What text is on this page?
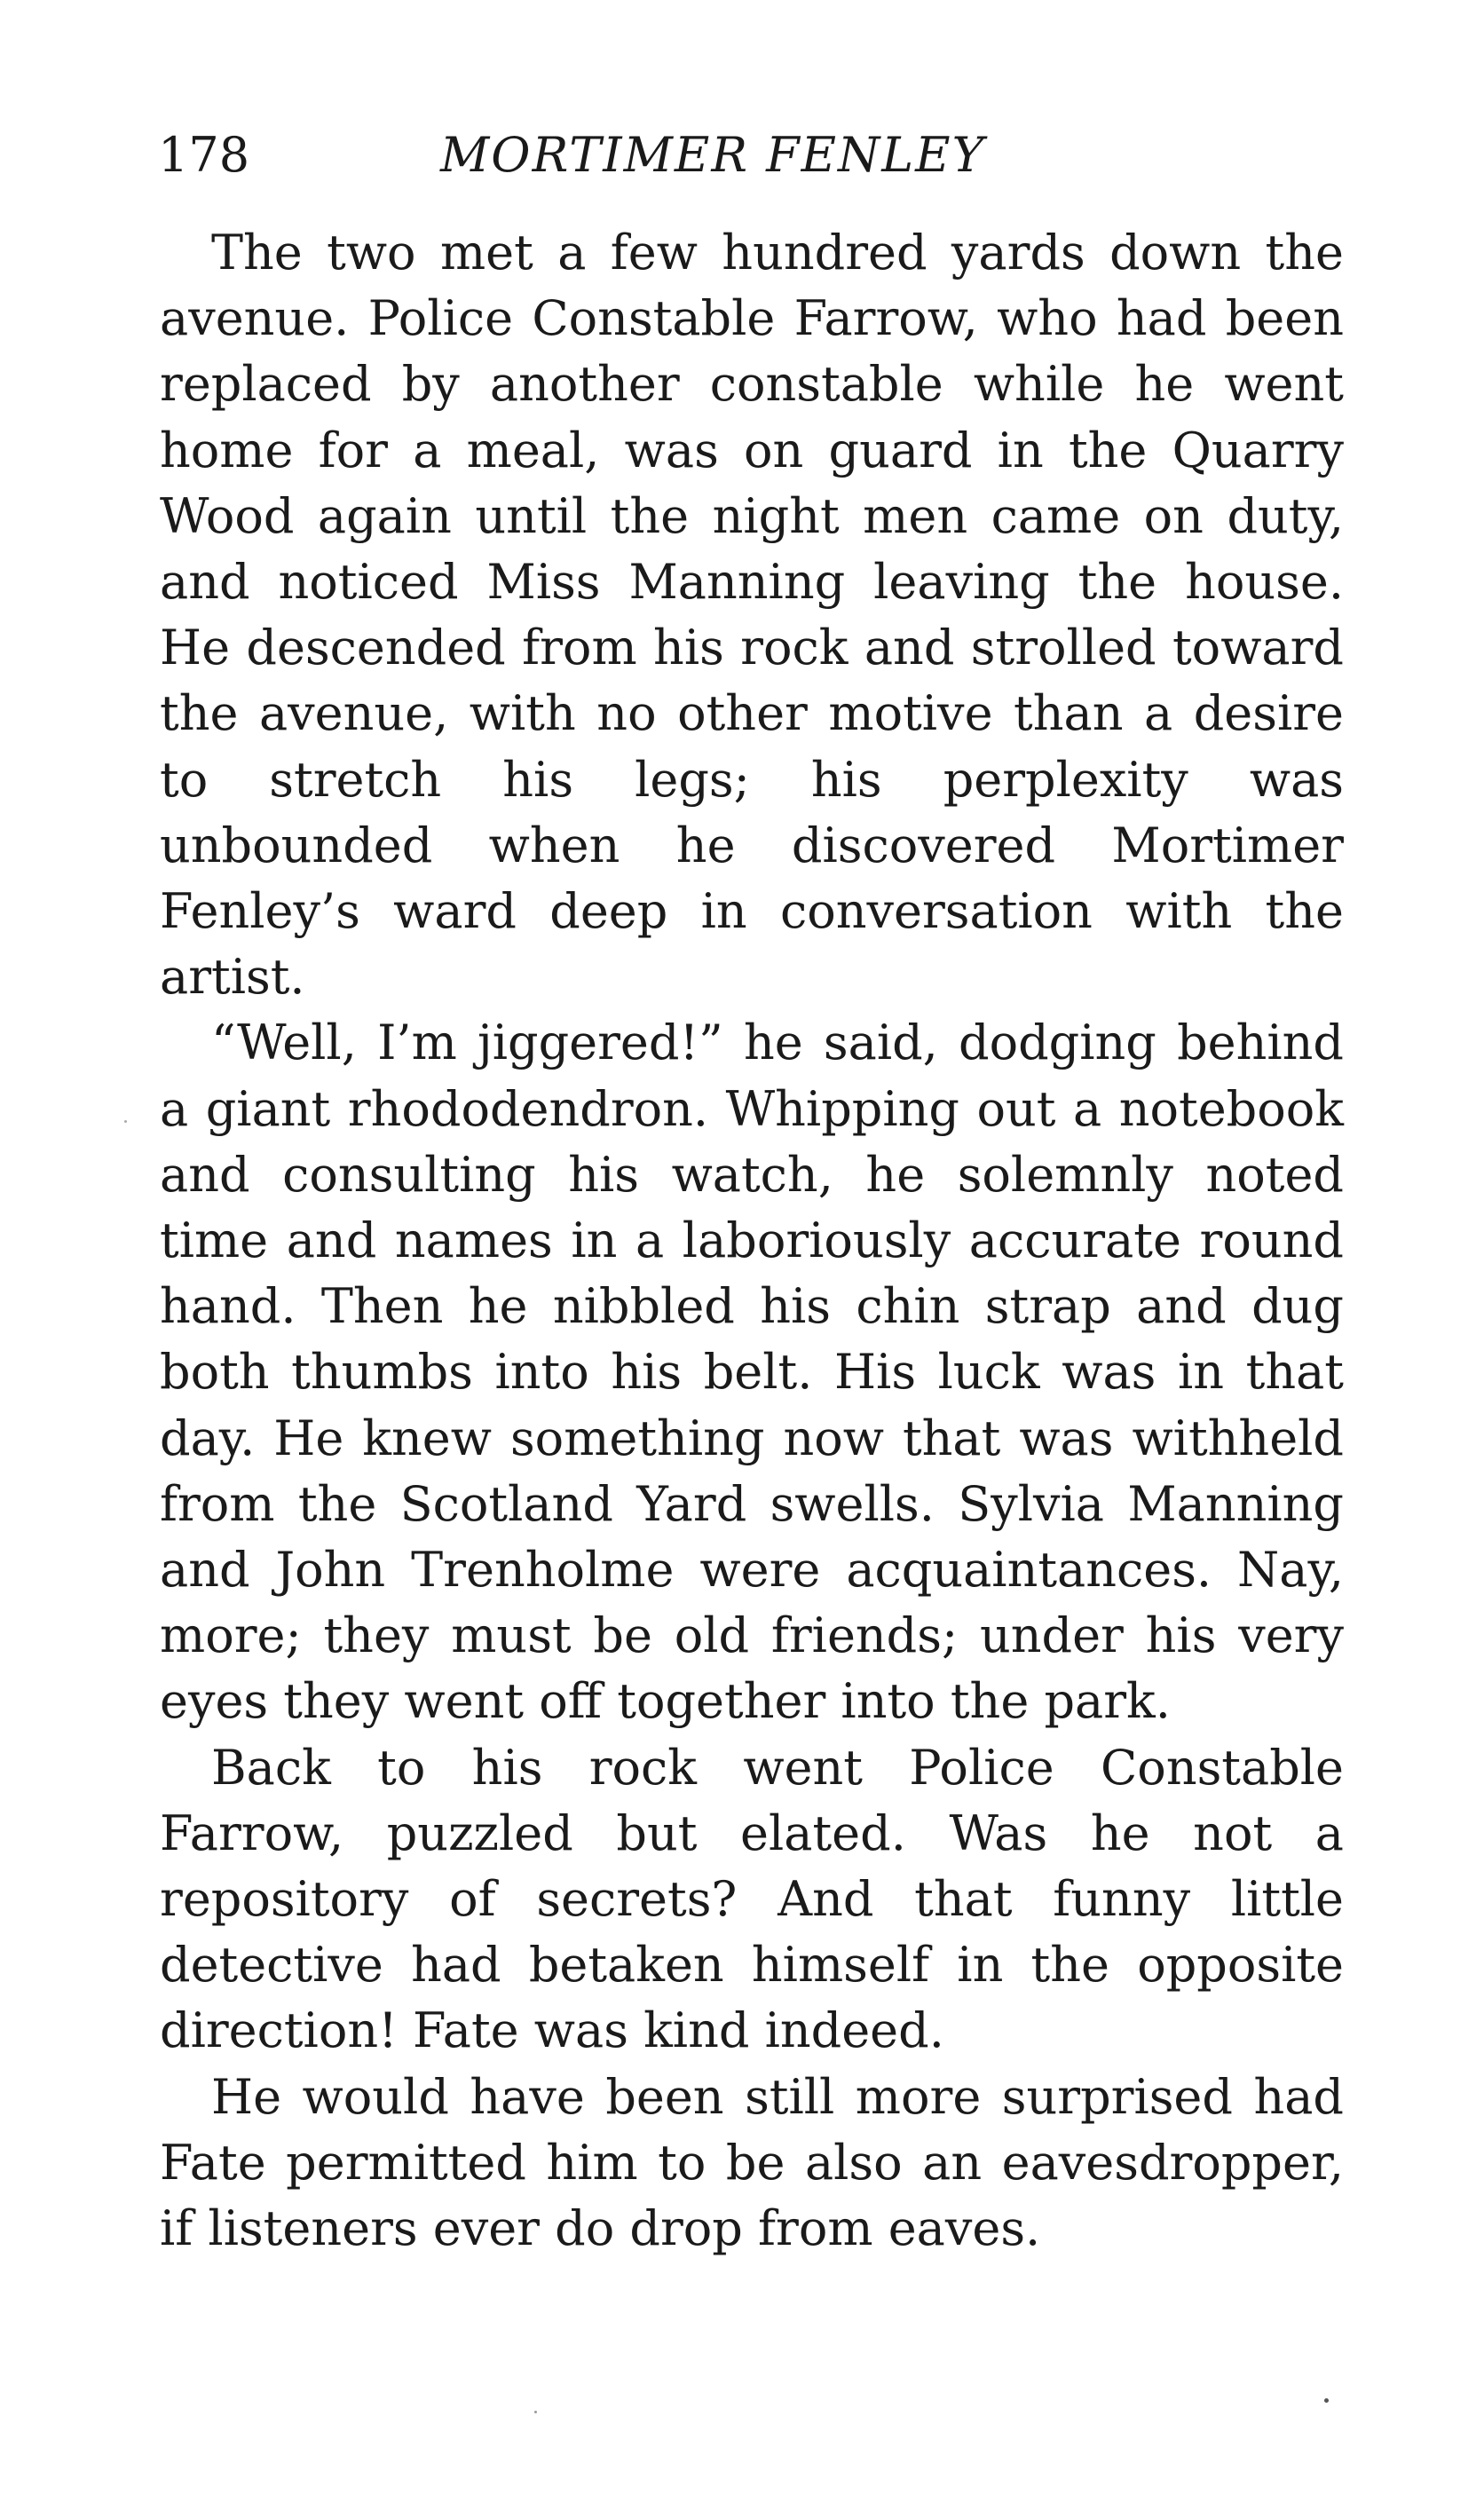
178	MORTIMER FENLEY

The two met a few hundred yards down the avenue. Police Constable Farrow, who had been replaced by another constable while he went home for a meal, was on guard in the Quarry Wood again until the night men came on duty, and noticed Miss Manning leaving the house. He descended from his rock and strolled toward the avenue, with no other motive than a desire to stretch his legs; his perplexity was unbounded when he discovered Mortimer Fenley’s ward deep in conversation with the artist.

“Well, I’m jiggered!” he said, dodging behind a giant rhododendron. Whipping out a notebook and consulting his watch, he solemnly noted time and names in a laboriously accurate round hand. Then he nibbled his chin strap and dug both thumbs into his belt. His luck was in that day. He knew something now that was withheld from the Scotland Yard swells. Sylvia Manning and John Trenholme were acquaintances. Nay, more; they must be old friends; under his very eyes they went off together into the park.

Back to his rock went Police Constable Farrow, puzzled but elated. Was he not a repository of secrets? And that funny little detective had betaken himself in the opposite direction! Fate was kind indeed.

He would have been still more surprised had Fate permitted him to be also an eavesdropper, if listeners ever do drop from eaves.
